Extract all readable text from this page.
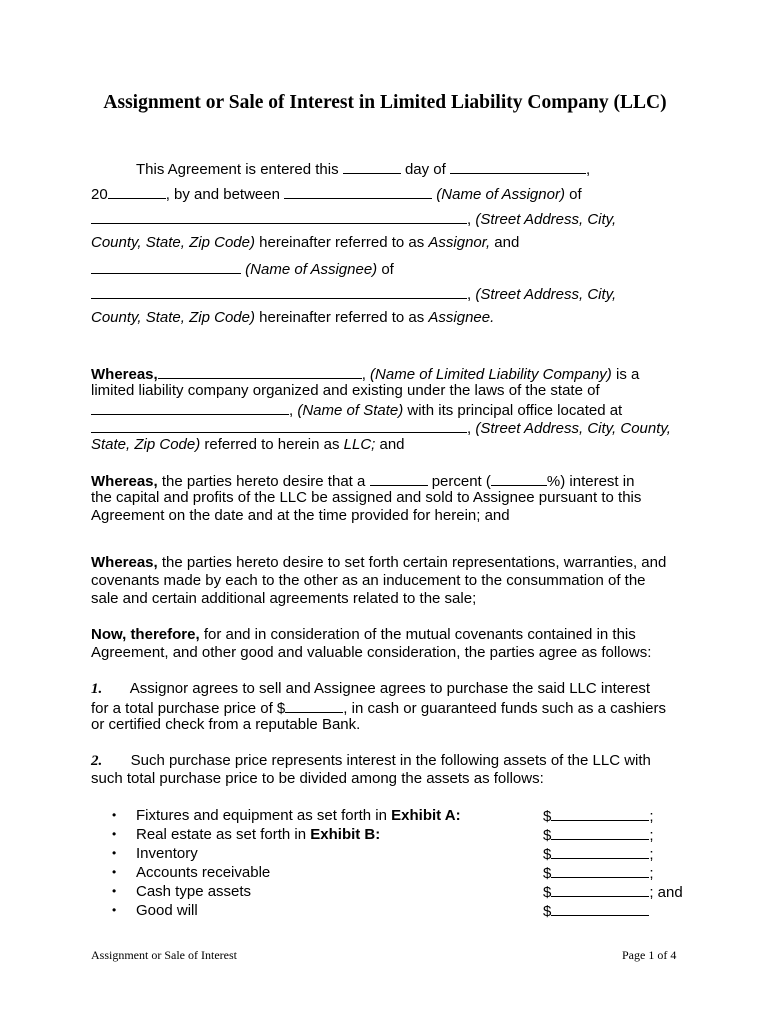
Assignment or Sale of Interest in Limited Liability Company (LLC)
This Agreement is entered this	day of	,
20	, by and between	(Name of Assignor) of
, (Street Address, City,
County, State, Zip Code) hereinafter referred to as Assignor, and
(Name of Assignee) of
, (Street Address, City,
County, State, Zip Code) hereinafter referred to as Assignee.
Whereas,	, (Name of Limited Liability Company) is a
limited liability company organized and existing under the laws of the state of
, (Name of State) with its principal office located at
, (Street Address, City, County,
State, Zip Code) referred to herein as LLC; and
Whereas, the parties hereto desire that a	percent (	%) interest in
the capital and profits of the LLC be assigned and sold to Assignee pursuant to this
Agreement on the date and at the time provided for herein; and
Whereas, the parties hereto desire to set forth certain representations, warranties, and
covenants made by each to the other as an inducement to the consummation of the
sale and certain additional agreements related to the sale;
Now, therefore, for and in consideration of the mutual covenants contained in this
Agreement, and other good and valuable consideration, the parties agree as follows:
1. Assignor agrees to sell and Assignee agrees to purchase the said LLC interest
for a total purchase price of $	, in cash or guaranteed funds such as a cashiers
or certified check from a reputable Bank.
2. Such purchase price represents interest in the following assets of the LLC with
such total purchase price to be divided among the assets as follows:
• Fixtures and equipment as set forth in Exhibit A:	$	;
• Real estate as set forth in Exhibit B:	$	;
• Inventory	$	;
• Accounts receivable	$	;
• Cash type assets	$	; and
• Good will	$
Assignment or Sale of Interest	Page 1 of 4
